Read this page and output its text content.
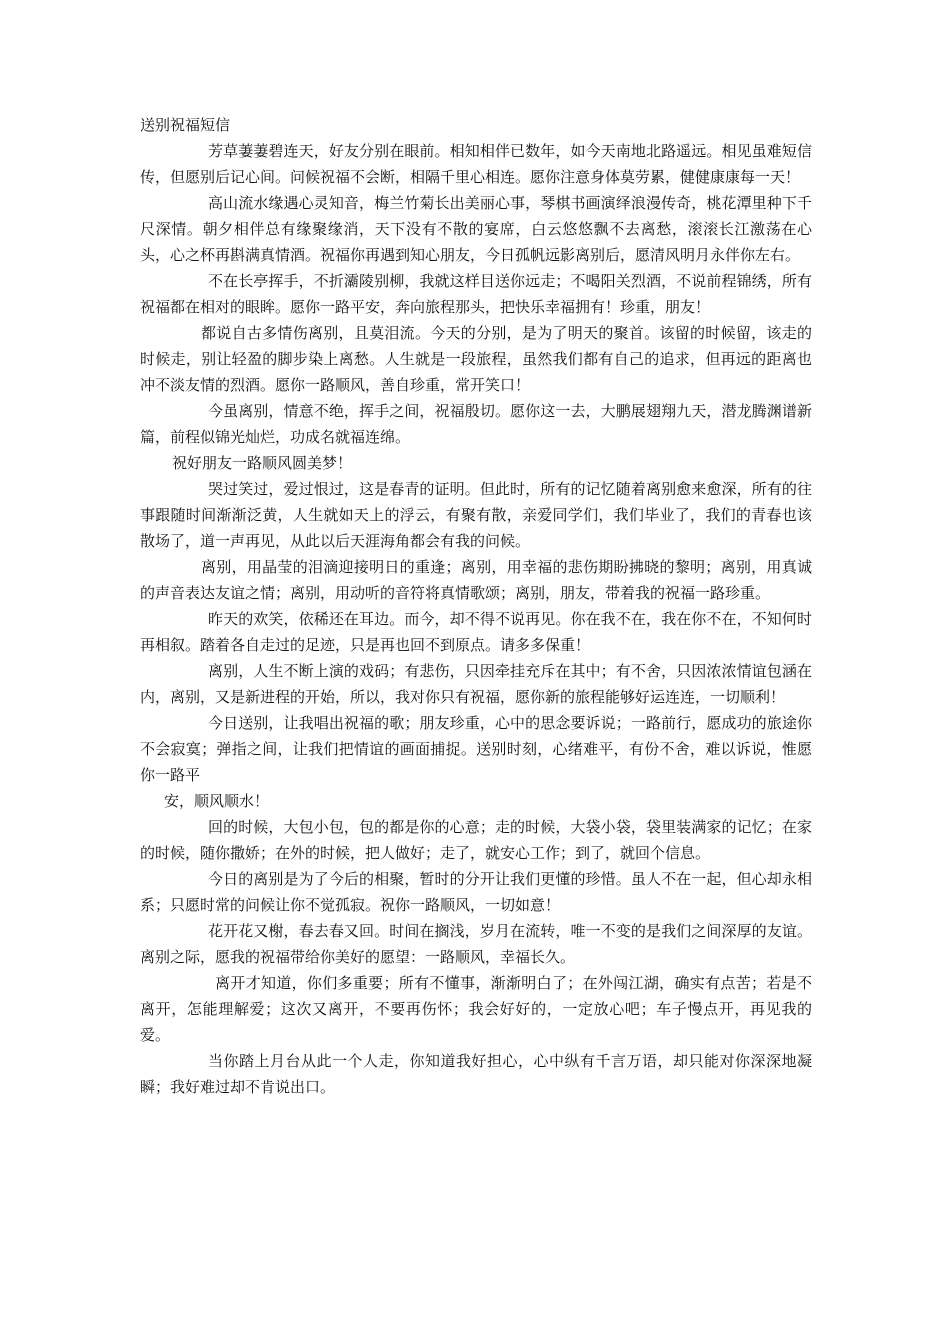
送别祝福短信

芳草萋萋碧连天，好友分别在眼前。相知相伴已数年，如今天南地北路遥远。相见虽难短信传，但愿别后记心间。问候祝福不会断，相隔千里心相连。愿你注意身体莫劳累，健健康康每一天！

高山流水缘遇心灵知音，梅兰竹菊长出美丽心事，琴棋书画演绎浪漫传奇，桃花潭里种下千尺深情。朝夕相伴总有缘聚缘消，天下没有不散的宴席，白云悠悠飘不去离愁，滚滚长江激荡在心头，心之杯再斟满真情酒。祝福你再遇到知心朋友，今日孤帆远影离别后，愿清风明月永伴你左右。

不在长亭挥手，不折灞陵别柳，我就这样目送你远走；不喝阳关烈酒，不说前程锦绣，所有祝福都在相对的眼眸。愿你一路平安，奔向旅程那头，把快乐幸福拥有！珍重，朋友！

都说自古多情伤离别，且莫泪流。今天的分别，是为了明天的聚首。该留的时候留，该走的时候走，别让轻盈的脚步染上离愁。人生就是一段旅程，虽然我们都有自己的追求，但再远的距离也冲不淡友情的烈酒。愿你一路顺风，善自珍重，常开笑口！

今虽离别，情意不绝，挥手之间，祝福殷切。愿你这一去，大鹏展翅翔九天，潜龙腾渊谱新篇，前程似锦光灿烂，功成名就福连绵。

祝好朋友一路顺风圆美梦！

哭过笑过，爱过恨过，这是春青的证明。但此时，所有的记忆随着离别愈来愈深，所有的往事跟随时间渐渐泛黄，人生就如天上的浮云，有聚有散，亲爱同学们，我们毕业了，我们的青春也该散场了，道一声再见，从此以后天涯海角都会有我的问候。

离别，用晶莹的泪滴迎接明日的重逢；离别，用幸福的悲伤期盼拂晓的黎明；离别，用真诚的声音表达友谊之情；离别，用动听的音符将真情歌颂；离别，朋友，带着我的祝福一路珍重。

昨天的欢笑，依稀还在耳边。而今，却不得不说再见。你在我不在，我在你不在，不知何时再相叙。踏着各自走过的足迹，只是再也回不到原点。请多多保重！

离别，人生不断上演的戏码；有悲伤，只因牵挂充斥在其中；有不舍，只因浓浓情谊包涵在内，离别，又是新进程的开始，所以，我对你只有祝福，愿你新的旅程能够好运连连，一切顺利！

今日送别，让我唱出祝福的歌；朋友珍重，心中的思念要诉说；一路前行，愿成功的旅途你不会寂寞；弹指之间，让我们把情谊的画面捕捉。送别时刻，心绪难平，有份不舍，难以诉说，惟愿你一路平

安，顺风顺水！

回的时候，大包小包，包的都是你的心意；走的时候，大袋小袋，袋里装满家的记忆；在家的时候，随你撒娇；在外的时候，把人做好；走了，就安心工作；到了，就回个信息。

今日的离别是为了今后的相聚，暂时的分开让我们更懂的珍惜。虽人不在一起，但心却永相系；只愿时常的问候让你不觉孤寂。祝你一路顺风，一切如意！

花开花又榭，春去春又回。时间在搁浅，岁月在流转，唯一不变的是我们之间深厚的友谊。离别之际，愿我的祝福带给你美好的愿望：一路顺风，幸福长久。

离开才知道，你们多重要；所有不懂事，渐渐明白了；在外闯江湖，确实有点苦；若是不离开，怎能理解爱；这次又离开，不要再伤怀；我会好好的，一定放心吧；车子慢点开，再见我的爱。

当你踏上月台从此一个人走，你知道我好担心，心中纵有千言万语，却只能对你深深地凝瞬；我好难过却不肯说出口。
